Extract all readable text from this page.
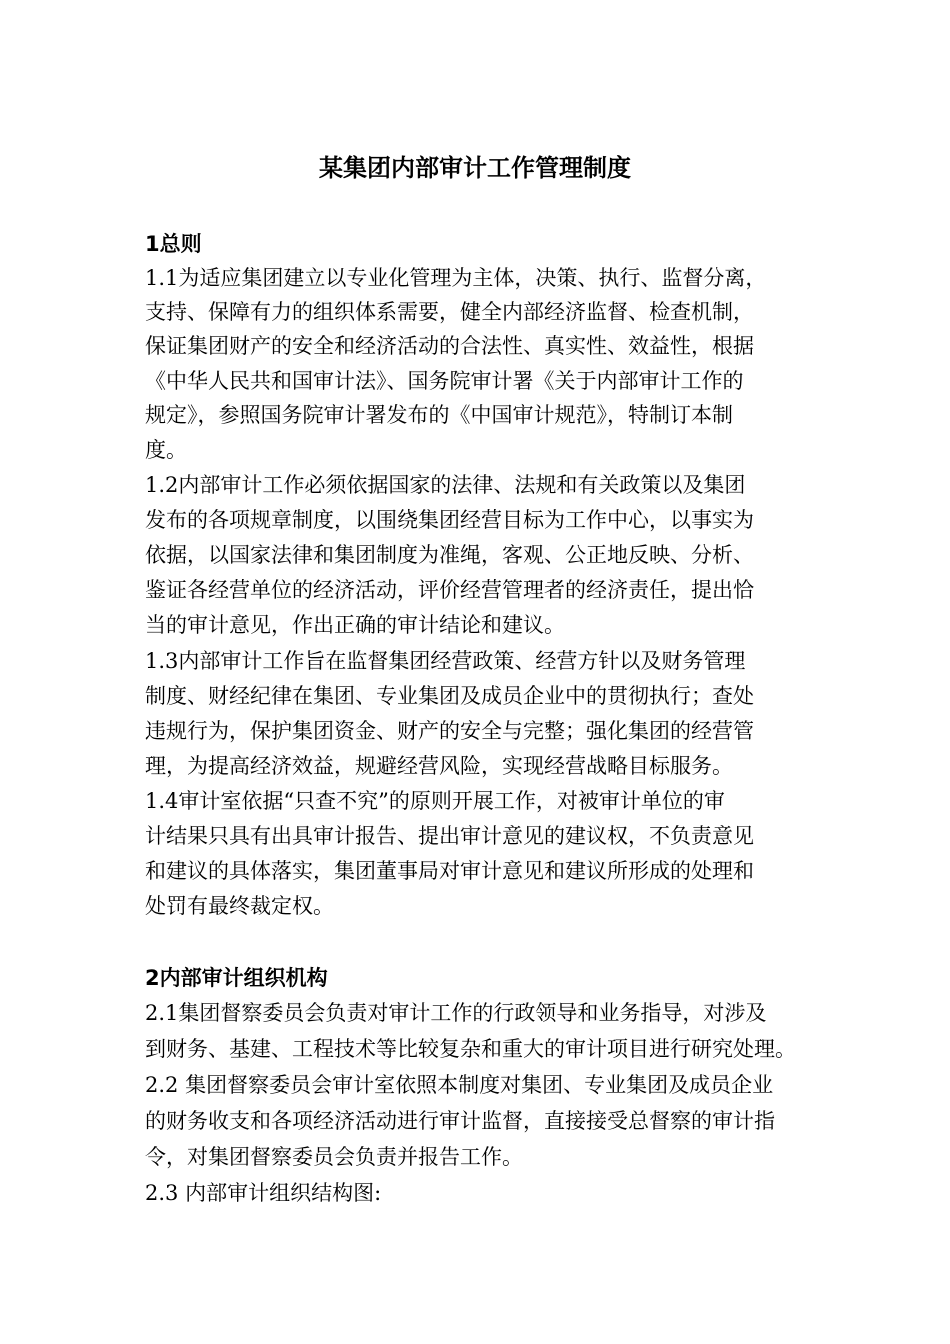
某集团内部审计工作管理制度
1总则
1.1为适应集团建立以专业化管理为主体，决策、执行、监督分离，
支持、保障有力的组织体系需要，健全内部经济监督、检查机制，
保证集团财产的安全和经济活动的合法性、真实性、效益性，根据
《中华人民共和国审计法》、国务院审计署《关于内部审计工作的
规定》，参照国务院审计署发布的《中国审计规范》，特制订本制
度。
1.2内部审计工作必须依据国家的法律、法规和有关政策以及集团
发布的各项规章制度，以围绕集团经营目标为工作中心，以事实为
依据，以国家法律和集团制度为准绳，客观、公正地反映、分析、
鉴证各经营单位的经济活动，评价经营管理者的经济责任，提出恰
当的审计意见，作出正确的审计结论和建议。
1.3内部审计工作旨在监督集团经营政策、经营方针以及财务管理
制度、财经纪律在集团、专业集团及成员企业中的贯彻执行；查处
违规行为，保护集团资金、财产的安全与完整；强化集团的经营管
理，为提高经济效益，规避经营风险，实现经营战略目标服务。
1.4审计室依据“只查不究”的原则开展工作，对被审计单位的审
计结果只具有出具审计报告、提出审计意见的建议权，不负责意见
和建议的具体落实，集团董事局对审计意见和建议所形成的处理和
处罚有最终裁定权。
2内部审计组织机构
2.1集团督察委员会负责对审计工作的行政领导和业务指导，对涉及
到财务、基建、工程技术等比较复杂和重大的审计项目进行研究处理。
2.2 集团督察委员会审计室依照本制度对集团、专业集团及成员企业
的财务收支和各项经济活动进行审计监督，直接接受总督察的审计指
令，对集团督察委员会负责并报告工作。
2.3 内部审计组织结构图:
